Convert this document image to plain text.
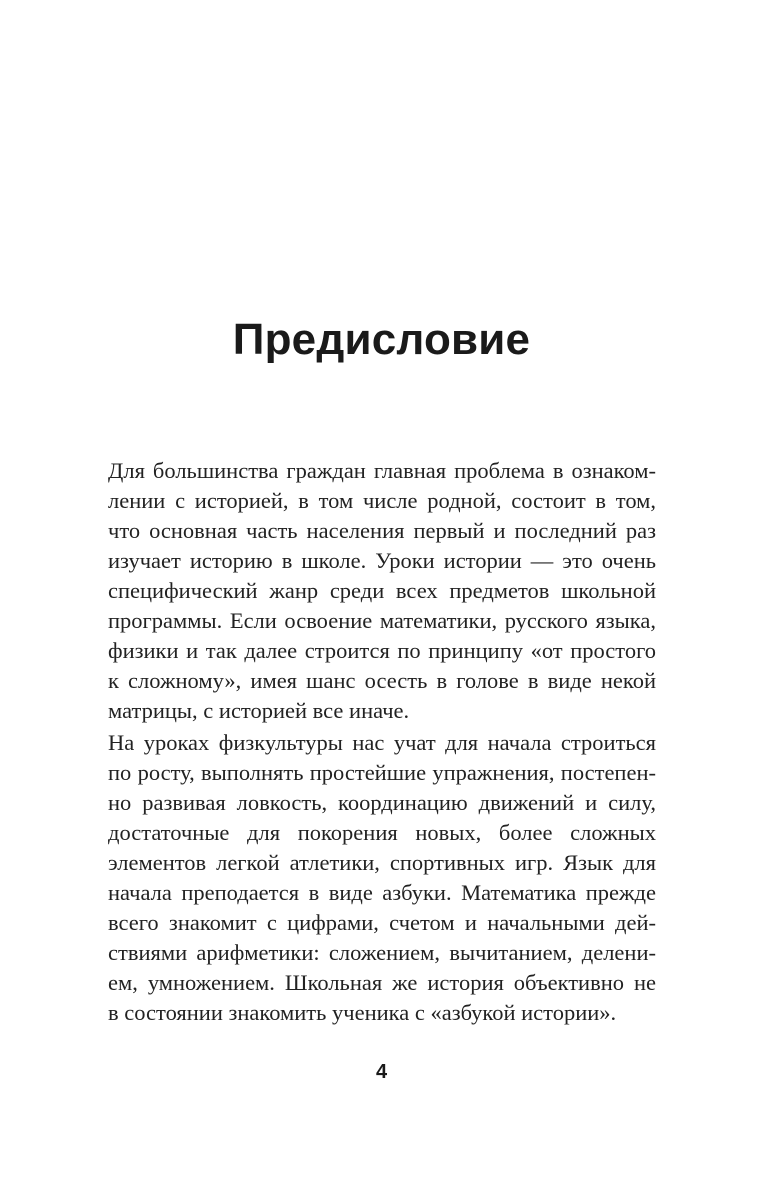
Предисловие
Для большинства граждан главная проблема в ознаком-
лении с историей, в том числе родной, состоит в том,
что основная часть населения первый и последний раз
изучает историю в школе. Уроки истории — это очень
специфический жанр среди всех предметов школьной
программы. Если освоение математики, русского языка,
физики и так далее строится по принципу «от простого
к сложному», имея шанс осесть в голове в виде некой
матрицы, с историей все иначе.
На уроках физкультуры нас учат для начала строиться
по росту, выполнять простейшие упражнения, постепен-
но развивая ловкость, координацию движений и силу,
достаточные для покорения новых, более сложных
элементов легкой атлетики, спортивных игр. Язык для
начала преподается в виде азбуки. Математика прежде
всего знакомит с цифрами, счетом и начальными дей-
ствиями арифметики: сложением, вычитанием, делени-
ем, умножением. Школьная же история объективно не
в состоянии знакомить ученика с «азбукой истории».
4
